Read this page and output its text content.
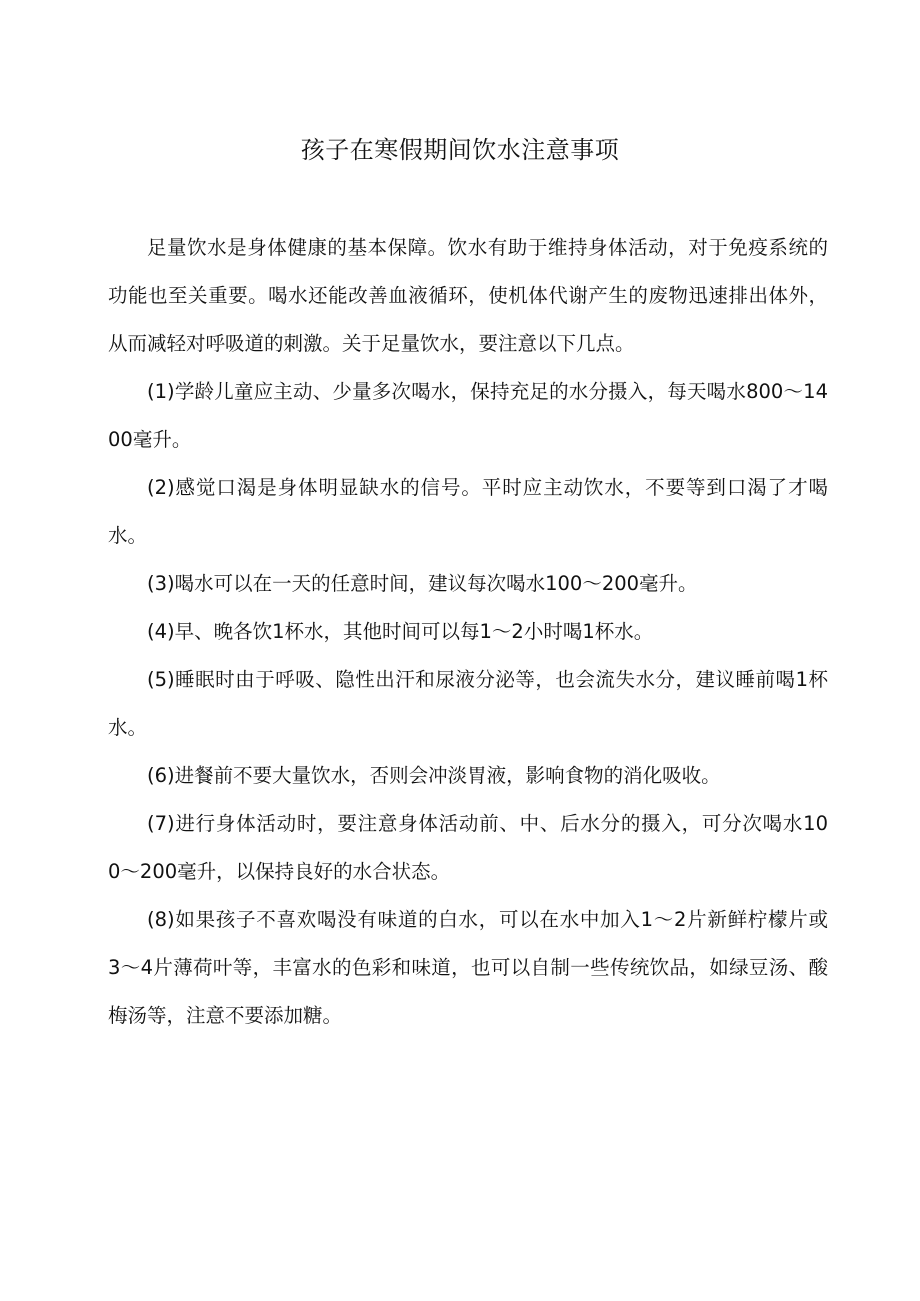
孩子在寒假期间饮水注意事项

足量饮水是身体健康的基本保障。饮水有助于维持身体活动，对于免疫系统的功能也至关重要。喝水还能改善血液循环，使机体代谢产生的废物迅速排出体外，从而减轻对呼吸道的刺激。关于足量饮水，要注意以下几点。

(1)学龄儿童应主动、少量多次喝水，保持充足的水分摄入，每天喝水800〜1400毫升。

(2)感觉口渴是身体明显缺水的信号。平时应主动饮水，不要等到口渴了才喝水。

(3)喝水可以在一天的任意时间，建议每次喝水100〜200毫升。

(4)早、晚各饮1杯水，其他时间可以每1〜2小时喝1杯水。

(5)睡眠时由于呼吸、隐性出汗和尿液分泌等，也会流失水分，建议睡前喝1杯水。

(6)进餐前不要大量饮水，否则会冲淡胃液，影响食物的消化吸收。

(7)进行身体活动时，要注意身体活动前、中、后水分的摄入，可分次喝水100〜200毫升，以保持良好的水合状态。

(8)如果孩子不喜欢喝没有味道的白水，可以在水中加入1〜2片新鲜柠檬片或3〜4片薄荷叶等，丰富水的色彩和味道，也可以自制一些传统饮品，如绿豆汤、酸梅汤等，注意不要添加糖。
